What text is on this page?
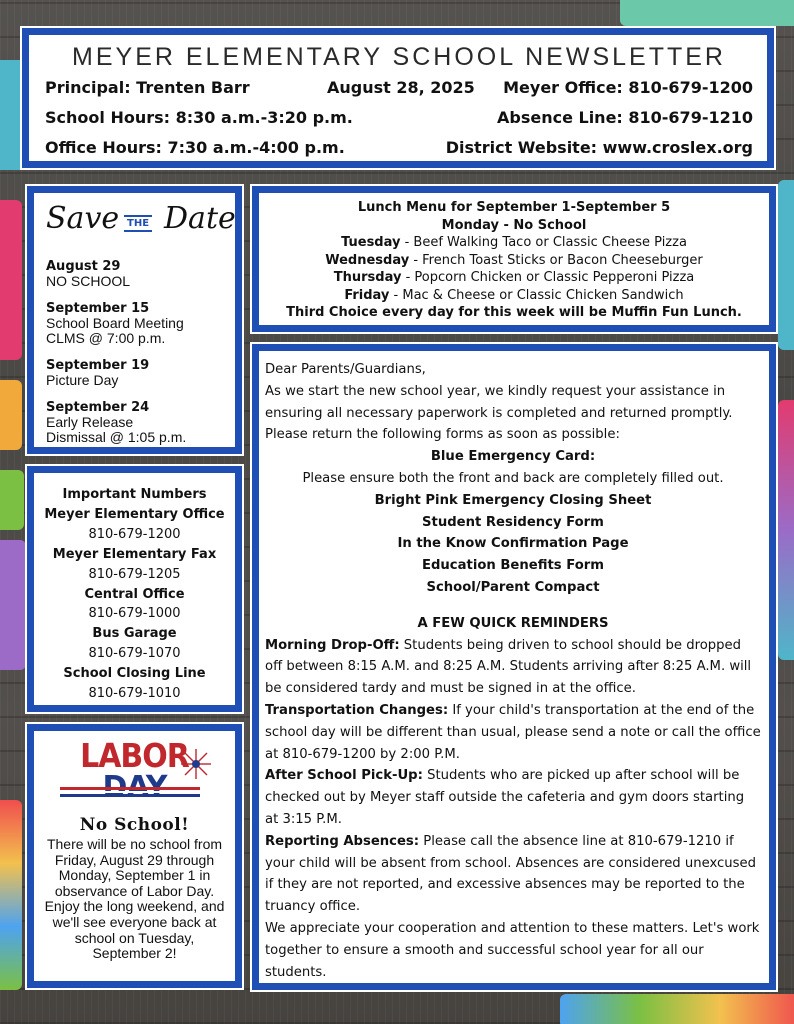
MEYER ELEMENTARY SCHOOL NEWSLETTER
Principal: Trenten Barr	August 28, 2025 Meyer Office: 810-679-1200
School Hours: 8:30 a.m.-3:20 p.m.	Absence Line: 810-679-1210
Office Hours: 7:30 a.m.-4:00 p.m.	District Website: www.croslex.org
Save THE Date
August 29
NO SCHOOL
September 15
School Board Meeting
CLMS @ 7:00 p.m.
September 19
Picture Day
September 24
Early Release
Dismissal @ 1:05 p.m.
Lunch Menu for September 1-September 5
Monday - No School
Tuesday - Beef Walking Taco or Classic Cheese Pizza
Wednesday - French Toast Sticks or Bacon Cheeseburger
Thursday - Popcorn Chicken or Classic Pepperoni Pizza
Friday - Mac & Cheese or Classic Chicken Sandwich
Third Choice every day for this week will be Muffin Fun Lunch.
Dear Parents/Guardians,
As we start the new school year, we kindly request your assistance in ensuring all necessary paperwork is completed and returned promptly. Please return the following forms as soon as possible:
Blue Emergency Card:
Please ensure both the front and back are completely filled out.
Bright Pink Emergency Closing Sheet
Student Residency Form
In the Know Confirmation Page
Education Benefits Form
School/Parent Compact
A FEW QUICK REMINDERS
Morning Drop-Off: Students being driven to school should be dropped off between 8:15 A.M. and 8:25 A.M. Students arriving after 8:25 A.M. will be considered tardy and must be signed in at the office.
Transportation Changes: If your child's transportation at the end of the school day will be different than usual, please send a note or call the office at 810-679-1200 by 2:00 P.M.
After School Pick-Up: Students who are picked up after school will be checked out by Meyer staff outside the cafeteria and gym doors starting at 3:15 P.M.
Reporting Absences: Please call the absence line at 810-679-1210 if your child will be absent from school. Absences are considered unexcused if they are not reported, and excessive absences may be reported to the truancy office.
We appreciate your cooperation and attention to these matters. Let's work together to ensure a smooth and successful school year for all our students.
Important Numbers
Meyer Elementary Office
810-679-1200
Meyer Elementary Fax
810-679-1205
Central Office
810-679-1000
Bus Garage
810-679-1070
School Closing Line
810-679-1010
LABOR
No School!
There will be no school from Friday, August 29 through Monday, September 1 in observance of Labor Day. Enjoy the long weekend, and we'll see everyone back at school on Tuesday, September 2!
